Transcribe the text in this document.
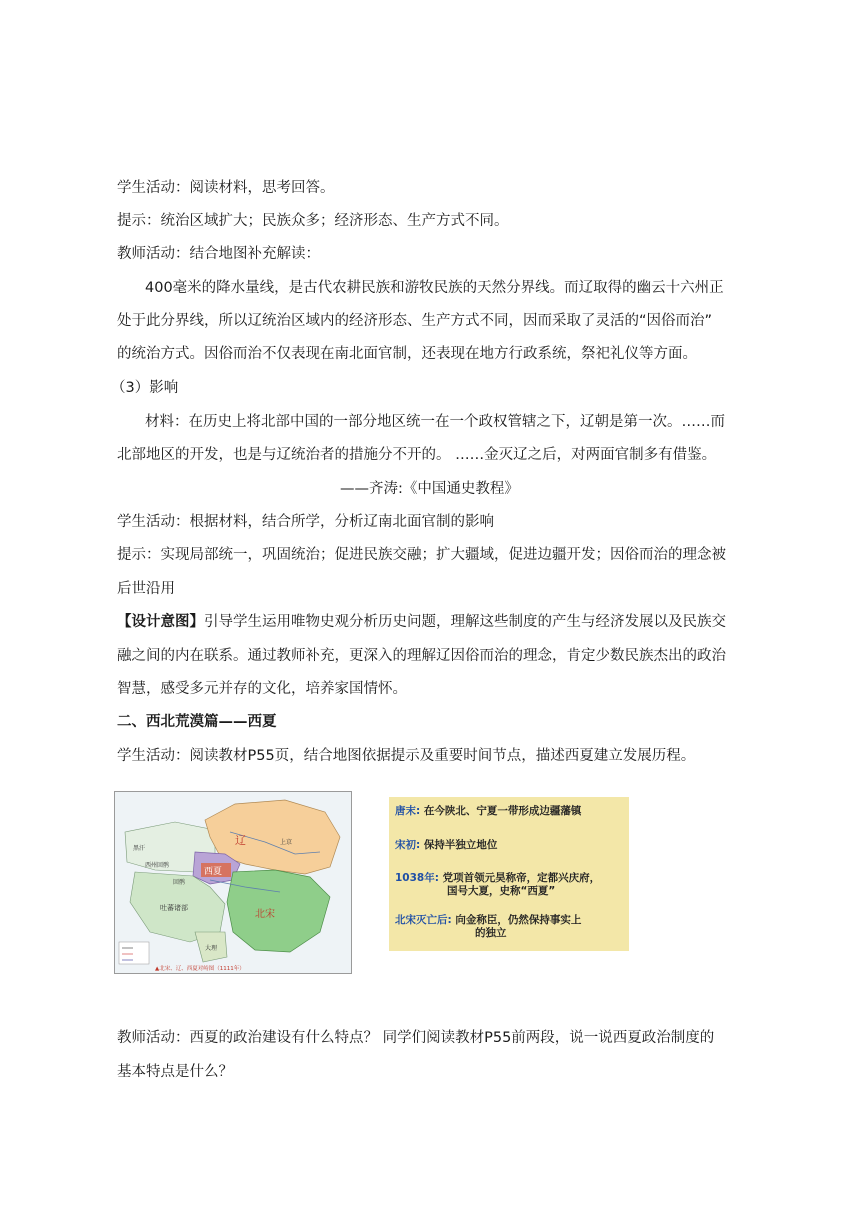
学生活动：阅读材料，思考回答。
提示：统治区域扩大；民族众多；经济形态、生产方式不同。
教师活动：结合地图补充解读：
400毫米的降水量线，是古代农耕民族和游牧民族的天然分界线。而辽取得的幽云十六州正
处于此分界线，所以辽统治区域内的经济形态、生产方式不同，因而采取了灵活的“因俗而治”
的统治方式。因俗而治不仅表现在南北面官制，还表现在地方行政系统，祭祀礼仪等方面。
（3）影响
材料：在历史上将北部中国的一部分地区统一在一个政权管辖之下，辽朝是第一次。……而
北部地区的开发，也是与辽统治者的措施分不开的。 ……金灭辽之后，对两面官制多有借鉴。
——齐涛:《中国通史教程》
学生活动：根据材料，结合所学，分析辽南北面官制的影响
提示：实现局部统一，巩固统治；促进民族交融；扩大疆域，促进边疆开发；因俗而治的理念被
后世沿用
【设计意图】引导学生运用唯物史观分析历史问题，理解这些制度的产生与经济发展以及民族交
融之间的内在联系。通过教师补充，更深入的理解辽因俗而治的理念，肯定少数民族杰出的政治
智慧，感受多元并存的文化，培养家国情怀。
二、西北荒漠篇——西夏
学生活动：阅读教材P55页，结合地图依据提示及重要时间节点，描述西夏建立发展历程。
辽
西夏
北宋
上京
吐蕃诸部
西州回鹘
回鹘
大理
黑汗
▲北宋、辽、西夏对峙图（1111年）
唐末: 在今陕北、宁夏一带形成边疆藩镇
宋初: 保持半独立地位
1038年: 党项首领元昊称帝，定都兴庆府，
国号大夏，史称“西夏”
北宋灭亡后: 向金称臣，仍然保持事实上
的独立
教师活动：西夏的政治建设有什么特点？ 同学们阅读教材P55前两段，说一说西夏政治制度的
基本特点是什么？
